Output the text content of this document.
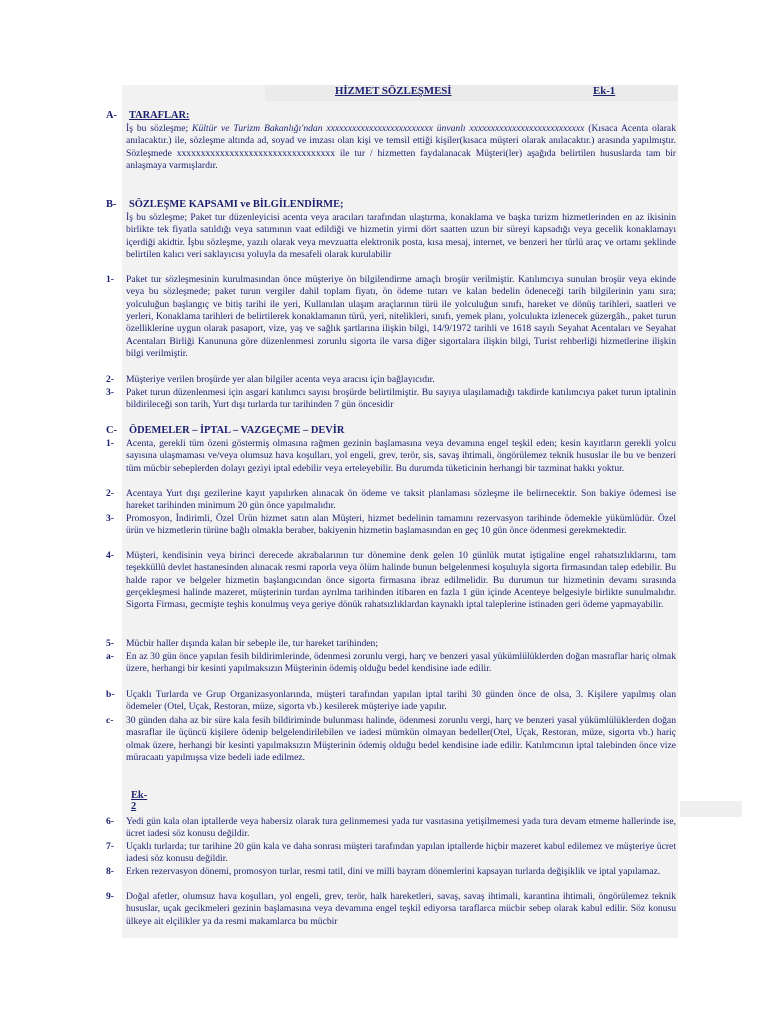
HİZMET SÖZLEŞMESİ	Ek-1
A- TARAFLAR:
İş bu sözleşme; Kültür ve Turizm Bakanlığı'ndan xxxxxxxxxxxxxxxxxxxxxxxxx ünvanlı xxxxxxxxxxxxxxxxxxxxxxxxxxx (Kısaca Acenta olarak anılacaktır.) ile, sözleşme altında ad, soyad ve imzası olan kişi ve temsil ettiği kişiler(kısaca müşteri olarak anılacaktır.) arasında yapılmıştır. Sözleşmede xxxxxxxxxxxxxxxxxxxxxxxxxxxxxxxxx ile tur / hizmetten faydalanacak Müşteri(ler) aşağıda belirtilen hususlarda tam bir anlaşmaya varmışlardır.
B- SÖZLEŞME KAPSAMI ve BİLGİLENDİRME;
İş bu sözleşme; Paket tur düzenleyicisi acenta veya aracıları tarafından ulaştırma, konaklama ve başka turizm hizmetlerinden en az ikisinin birlikte tek fiyatla satıldığı veya satımının vaat edildiği ve hizmetin yirmi dört saatten uzun bir süreyi kapsadığı veya gecelik konaklamayı içerdiği akidtir. İşbu sözleşme, yazılı olarak veya mevzuatta elektronik posta, kısa mesaj, internet, ve benzeri her türlü araç ve ortamı şeklinde belirtilen kalıcı veri saklayıcısı yoluyla da mesafeli olarak kurulabilir
1-	Paket tur sözleşmesinin kurulmasından önce müşteriye ön bilgilendirme amaçlı broşür verilmiştir. Katılımcıya sunulan broşür veya ekinde veya bu sözleşmede; paket turun vergiler dahil toplam fiyatı, ön ödeme tutarı ve kalan bedelin ödeneceği tarih bilgilerinin yanı sıra; yolculuğun başlangıç ve bitiş tarihi ile yeri, Kullanılan ulaşım araçlarının türü ile yolculuğun sınıfı, hareket ve dönüş tarihleri, saatleri ve yerleri, Konaklama tarihleri de belirtilerek konaklamanın türü, yeri, nitelikleri, sınıfı, yemek planı, yolculukta izlenecek güzergâh., paket turun özelliklerine uygun olarak pasaport, vize, yaş ve sağlık şartlarına ilişkin bilgi, 14/9/1972 tarihli ve 1618 sayılı Seyahat Acentaları ve Seyahat Acentaları Birliği Kanununa göre düzenlenmesi zorunlu sigorta ile varsa diğer sigortalara ilişkin bilgi, Turist rehberliği hizmetlerine ilişkin bilgi verilmiştir.
2-	Müşteriye verilen broşürde yer alan bilgiler acenta veya aracısı için bağlayıcıdır.
3-	Paket turun düzenlenmesi için asgari katılımcı sayısı broşürde belirtilmiştir. Bu sayıya ulaşılamadığı takdirde katılımcıya paket turun iptalinin bildirileceği son tarih, Yurt dışı turlarda tur tarihinden 7 gün öncesidir
C- ÖDEMELER – İPTAL – VAZGEÇME – DEVİR
1-	Acenta, gerekli tüm özeni göstermiş olmasına rağmen gezinin başlamasına veya devamına engel teşkil eden; kesin kayıtların gerekli yolcu sayısına ulaşmaması ve/veya olumsuz hava koşulları, yol engeli, grev, terör, sis, savaş ihtimali, öngörülemez teknik hususlar ile bu ve benzeri tüm mücbir sebeplerden dolayı geziyi iptal edebilir veya erteleyebilir. Bu durumda tüketicinin herhangi bir tazminat hakkı yoktur.
2-	Acentaya Yurt dışı gezilerine kayıt yapılırken alınacak ön ödeme ve taksit planlaması sözleşme ile belirnecektir. Son bakiye ödemesi ise hareket tarihinden minimum 20 gün önce yapılmalıdır.
3-	Promosyon, İndirimli, Özel Ürün hizmet satın alan Müşteri, hizmet bedelinin tamamını rezervasyon tarihinde ödemekle yükümlüdür. Özel ürün ve hizmetlerin türüne bağlı olmakla beraber, bakiyenin hizmetin başlamasından en geç 10 gün önce ödenmesi gerekmektedir.
4-	Müşteri, kendisinin veya birinci derecede akrabalarının tur dönemine denk gelen 10 günlük mutat iştigaline engel rahatsızlıklarını, tam teşekküllü devlet hastanesinden alınacak resmi raporla veya ölüm halinde bunun belgelenmesi koşuluyla sigorta firmasından talep edebilir. Bu halde rapor ve belgeler hizmetin başlangıcından önce sigorta firmasına ibraz edilmelidir. Bu durumun tur hizmetinin devamı sırasında gerçekleşmesi halinde mazeret, müşterinin turdan ayrılma tarihinden itibaren en fazla 1 gün içinde Acenteye belgesiyle birlikte sunulmalıdır. Sigorta Firması, gecmişte teşhis konulmuş veya geriye dönük rahatsızlıklardan kaynaklı iptal taleplerine istinaden geri ödeme yapmayabilir.
5-	Mücbir haller dışında kalan bir sebeple ile, tur hareket tarihinden;
a-	En az 30 gün önce yapılan fesih bildirimlerinde, ödenmesi zorunlu vergi, harç ve benzeri yasal yükümlülüklerden doğan masraflar hariç olmak üzere, herhangi bir kesinti yapılmaksızın Müşterinin ödemiş olduğu bedel kendisine iade edilir.
b-	Uçaklı Turlarda ve Grup Organizasyonlarında, müşteri tarafından yapılan iptal tarihi 30 günden önce de olsa, 3. Kişilere yapılmış olan ödemeler (Otel, Uçak, Restoran, müze, sigorta vb.) kesilerek müşteriye iade yapılır.
c-	30 günden daha az bir süre kala fesih bildiriminde bulunması halinde, ödenmesi zorunlu vergi, harç ve benzeri yasal yükümlülüklerden doğan masraflar ile üçüncü kişilere ödenip belgelendirilebilen ve iadesi mümkün olmayan bedeller(Otel, Uçak, Restoran, müze, sigorta vb.) hariç olmak üzere, herhangi bir kesinti yapılmaksızın Müşterinin ödemiş olduğu bedel kendisine iade edilir. Katılımcının iptal talebinden önce vize müracaatı yapılmışsa vize bedeli iade edilmez.
Ek-2
6-	Yedi gün kala olan iptallerde veya habersiz olarak tura gelinmemesi yada tur vasıtasına yetişilmemesi yada tura devam etmeme hallerinde ise, ücret iadesi söz konusu değildir.
7-	Uçaklı turlarda; tur tarihine 20 gün kala ve daha sonrası müşteri tarafından yapılan iptallerde hiçbir mazeret kabul edilemez ve müşteriye ücret iadesi söz konusu değildir.
8-	Erken rezervasyon dönemi, promosyon turlar, resmi tatil, dini ve milli bayram dönemlerini kapsayan turlarda değişiklik ve iptal yapılamaz.
9-	Doğal afetler, olumsuz hava koşulları, yol engeli, grev, terör, halk hareketleri, savaş, savaş ihtimali, karantina ihtimali, öngörülemez teknik hususlar, uçak gecikmeleri gezinin başlamasına veya devamına engel teşkil ediyorsa taraflarca mücbir sebep olarak kabul edilir. Söz konusu ülkeye ait elçilikler ya da resmi makamlarca bu mücbir
